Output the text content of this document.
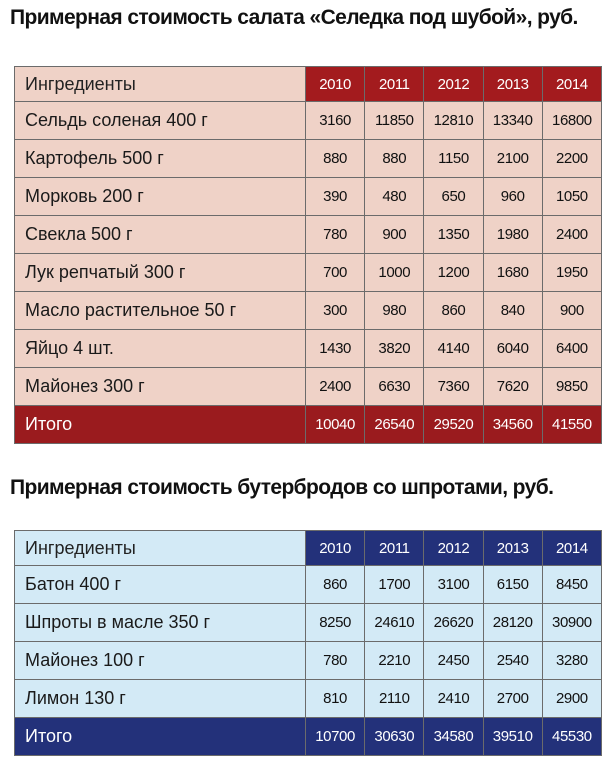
Примерная стоимость салата «Селедка под шубой», руб.
Ингредиенты	2010	2011	2012	2013	2014
Сельдь соленая 400 г	3160	11850	12810	13340	16800
Картофель 500 г	880	880	1150	2100	2200
Морковь 200 г	390	480	650	960	1050
Свекла 500 г	780	900	1350	1980	2400
Лук репчатый 300 г	700	1000	1200	1680	1950
Масло растительное 50 г	300	980	860	840	900
Яйцо 4 шт.	1430	3820	4140	6040	6400
Майонез 300 г	2400	6630	7360	7620	9850
Итого	10040	26540	29520	34560	41550
Примерная стоимость бутербродов со шпротами, руб.
Ингредиенты	2010	2011	2012	2013	2014
Батон 400 г	860	1700	3100	6150	8450
Шпроты в масле 350 г	8250	24610	26620	28120	30900
Майонез 100 г	780	2210	2450	2540	3280
Лимон 130 г	810	2110	2410	2700	2900
Итого	10700	30630	34580	39510	45530
